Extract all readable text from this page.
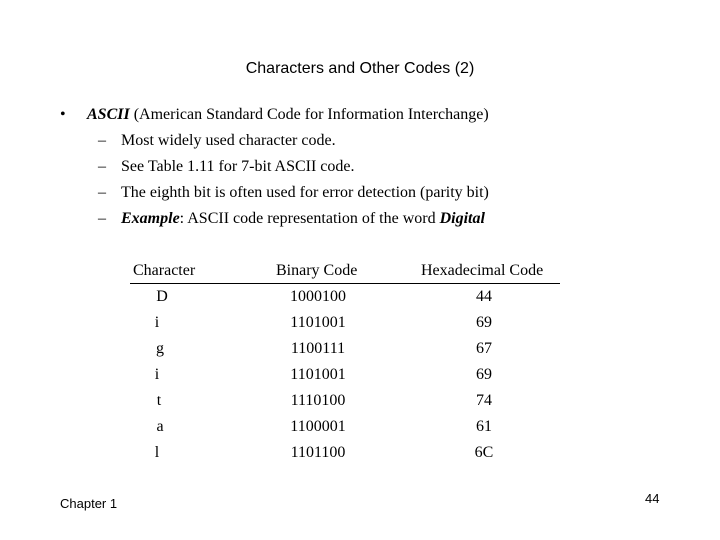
Characters and Other Codes (2)
•	ASCII (American Standard Code for Information Interchange)
– Most widely used character code.
– See Table 1.11 for 7-bit ASCII code.
– The eighth bit is often used for error detection (parity bit)
– Example: ASCII code representation of the word Digital
Character	Binary Code	Hexadecimal Code
D	1000100	44
i	1101001	69
g	1100111	67
i	1101001	69
t	1110100	74
a	1100001	61
l	1101100	6C
Chapter 1	44
